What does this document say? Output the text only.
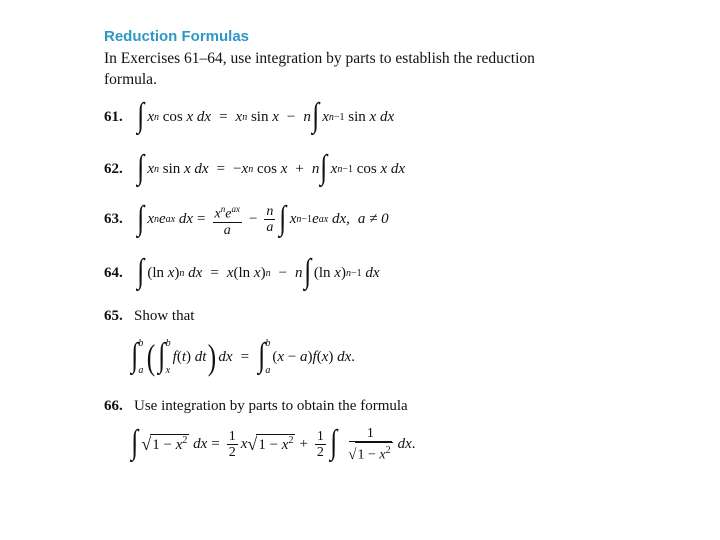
Reduction Formulas
In Exercises 61–64, use integration by parts to establish the reduction formula.
61. ∫ x n cos x dx = x n sin x − n ∫ x n −1 sin x dx
62. ∫ x n sin x dx =
− x n cos x + n ∫ x n −1 cos x dx
63. ∫ x n e ax
dx = $\frac{x^ne^{ax}}{a} - \frac{n}{a}$ ∫ x n −1 e ax
dx , a ≠ 0
64. ∫ (ln x ) n
dx = x (ln x ) n − n ∫ (ln x ) n −1
dx
65. Show that
∫ b
a ( ∫ b
x
f ( t ) dt ) dx = ∫ b
a
( x − a ) f ( x ) dx .
66. Use integration by parts to obtain the formula
∫ √ $1 - x^2$
dx = $\frac{1}{2}$ x √ $1 - x^2 + \frac{1}{2}$ ∫ $\frac{1}{√1 - x^2}$ dx .
